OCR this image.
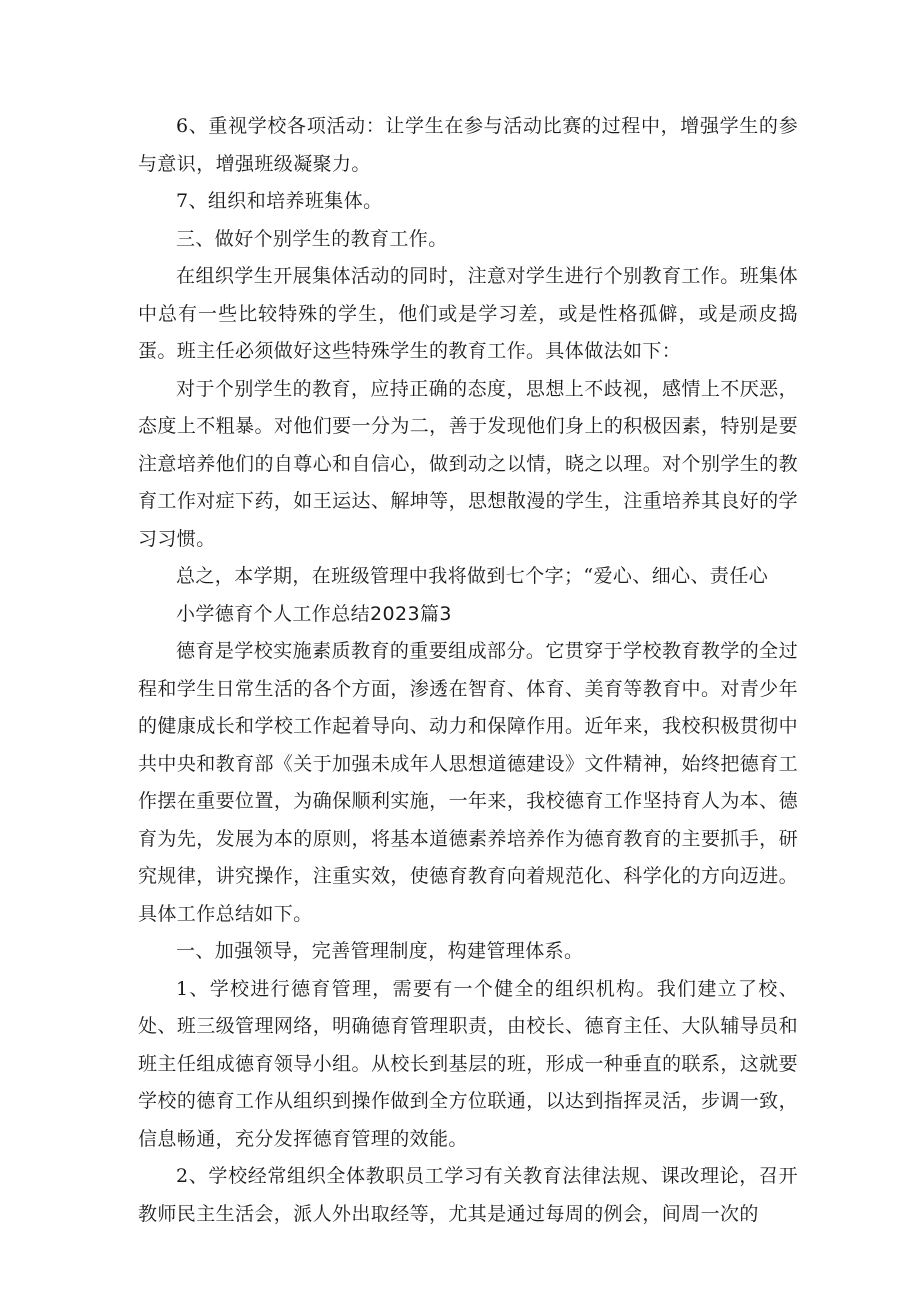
6、重视学校各项活动：让学生在参与活动比赛的过程中，增强学生的参与意识，增强班级凝聚力。

7、组织和培养班集体。

三、做好个别学生的教育工作。

在组织学生开展集体活动的同时，注意对学生进行个别教育工作。班集体中总有一些比较特殊的学生，他们或是学习差，或是性格孤僻，或是顽皮捣蛋。班主任必须做好这些特殊学生的教育工作。具体做法如下：

对于个别学生的教育，应持正确的态度，思想上不歧视，感情上不厌恶，态度上不粗暴。对他们要一分为二，善于发现他们身上的积极因素，特别是要注意培养他们的自尊心和自信心，做到动之以情，晓之以理。对个别学生的教育工作对症下药，如王运达、解坤等，思想散漫的学生，注重培养其良好的学习习惯。

总之，本学期，在班级管理中我将做到七个字；“爱心、细心、责任心

小学德育个人工作总结2023篇3

德育是学校实施素质教育的重要组成部分。它贯穿于学校教育教学的全过程和学生日常生活的各个方面，渗透在智育、体育、美育等教育中。对青少年的健康成长和学校工作起着导向、动力和保障作用。近年来，我校积极贯彻中共中央和教育部《关于加强未成年人思想道德建设》文件精神，始终把德育工作摆在重要位置，为确保顺利实施，一年来，我校德育工作坚持育人为本、德育为先，发展为本的原则，将基本道德素养培养作为德育教育的主要抓手，研究规律，讲究操作，注重实效，使德育教育向着规范化、科学化的方向迈进。具体工作总结如下。

一、加强领导，完善管理制度，构建管理体系。

1、学校进行德育管理，需要有一个健全的组织机构。我们建立了校、处、班三级管理网络，明确德育管理职责，由校长、德育主任、大队辅导员和班主任组成德育领导小组。从校长到基层的班，形成一种垂直的联系，这就要学校的德育工作从组织到操作做到全方位联通，以达到指挥灵活，步调一致，信息畅通，充分发挥德育管理的效能。

2、学校经常组织全体教职员工学习有关教育法律法规、课改理论，召开教师民主生活会，派人外出取经等，尤其是通过每周的例会，间周一次的
